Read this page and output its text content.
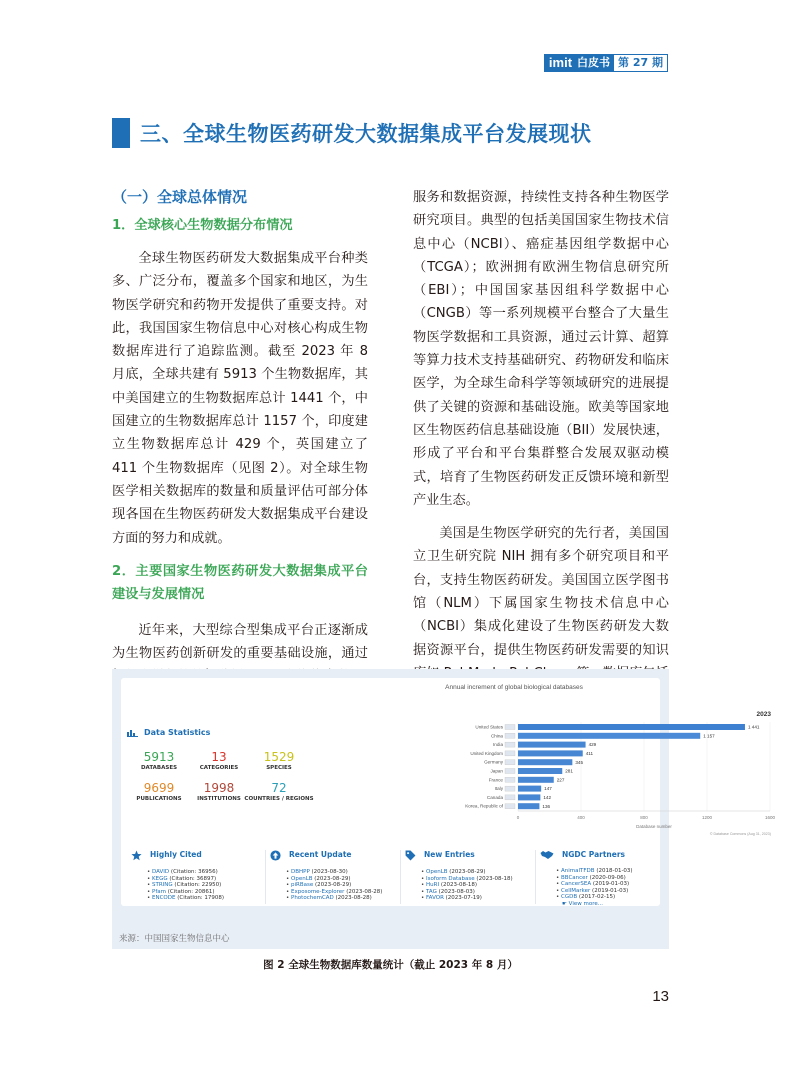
imit 白皮书 第 27 期
三、全球生物医药研发大数据集成平台发展现状
（一）全球总体情况
1．全球核心生物数据分布情况

全球生物医药研发大数据集成平台种类多、广泛分布，覆盖多个国家和地区，为生物医学研究和药物开发提供了重要支持。对此，我国国家生物信息中心对核心构成生物数据库进行了追踪监测。截至 2023 年 8 月底，全球共建有 5913 个生物数据库，其中美国建立的生物数据库总计 1441 个，中国建立的生物数据库总计 1157 个，印度建立生物数据库总计 429 个，英国建立了 411 个生物数据库（见图 2）。对全球生物医学相关数据库的数量和质量评估可部分体现各国在生物医药研发大数据集成平台建设方面的努力和成就。

2．主要国家生物医药研发大数据集成平台建设与发展情况

近年来，大型综合型集成平台正逐渐成为生物医药创新研发的重要基础设施，通过

服务和数据资源，持续性支持各种生物医学研究项目。典型的包括美国国家生物技术信息中心（NCBI）、癌症基因组学数据中心（TCGA）；欧洲拥有欧洲生物信息研究所（EBI）；中国国家基因组科学数据中心（CNGB）等一系列规模平台整合了大量生物医学数据和工具资源，通过云计算、超算等算力技术支持基础研究、药物研发和临床医学，为全球生命科学等领域研究的进展提供了关键的资源和基础设施。欧美等国家地区生物医药信息基础设施（BII）发展快速，形成了平台和平台集群整合发展双驱动模式，培育了生物医药研发正反馈环境和新型产业生态。

美国是生物医学研究的先行者，美国国立卫生研究院 NIH 拥有多个研究项目和平台，支持生物医药研发。美国国立医学图书馆（NLM）下属国家生物技术信息中心（NCBI）集成化建设了生物医药研发大数据资源平台，提供生物医药研发需要的知识

Data Statistics
5913
DATABASES
13
CATEGORIES
1529
SPECIES
9699
PUBLICATIONS
1998
INSTITUTIONS
72
COUNTRIES / REGIONS
Annual increment of global biological databases
2023
0	400	800	1200	1600
Database number
United States	1 441
China	1 157
India	429
United Kingdom	411
Germany	345
Japan	281
France	227
Italy	147
Canada	142
Korea, Republic of	136
© Database Commons (Aug 31, 2023)
Highly Cited
• DAVID (Citation: 36956)
• KEGG (Citation: 36897)
• STRING (Citation: 22950)
• Pfam (Citation: 20861)
• ENCODE (Citation: 17908)
Recent Update
• DBHPP (2023-08-30)
• OpenLB (2023-08-29)
• piRBase (2023-08-29)
• Exposome-Explorer (2023-08-28)
• PhotochemCAD (2023-08-28)
New Entries
• OpenLB (2023-08-29)
• Isoform Database (2023-08-18)
• HuRI (2023-08-18)
• TAG (2023-08-03)
• FAVOR (2023-07-19)
NGDC Partners
• AnimalTFDB (2018-01-03)
• BBCancer (2020-09-06)
• CancerSEA (2019-01-03)
• CellMarker (2019-01-03)
• CGDB (2017-02-15)
☛ View more...
来源：中国国家生物信息中心
图 2 全球生物数据库数量统计（截止 2023 年 8 月）
13
